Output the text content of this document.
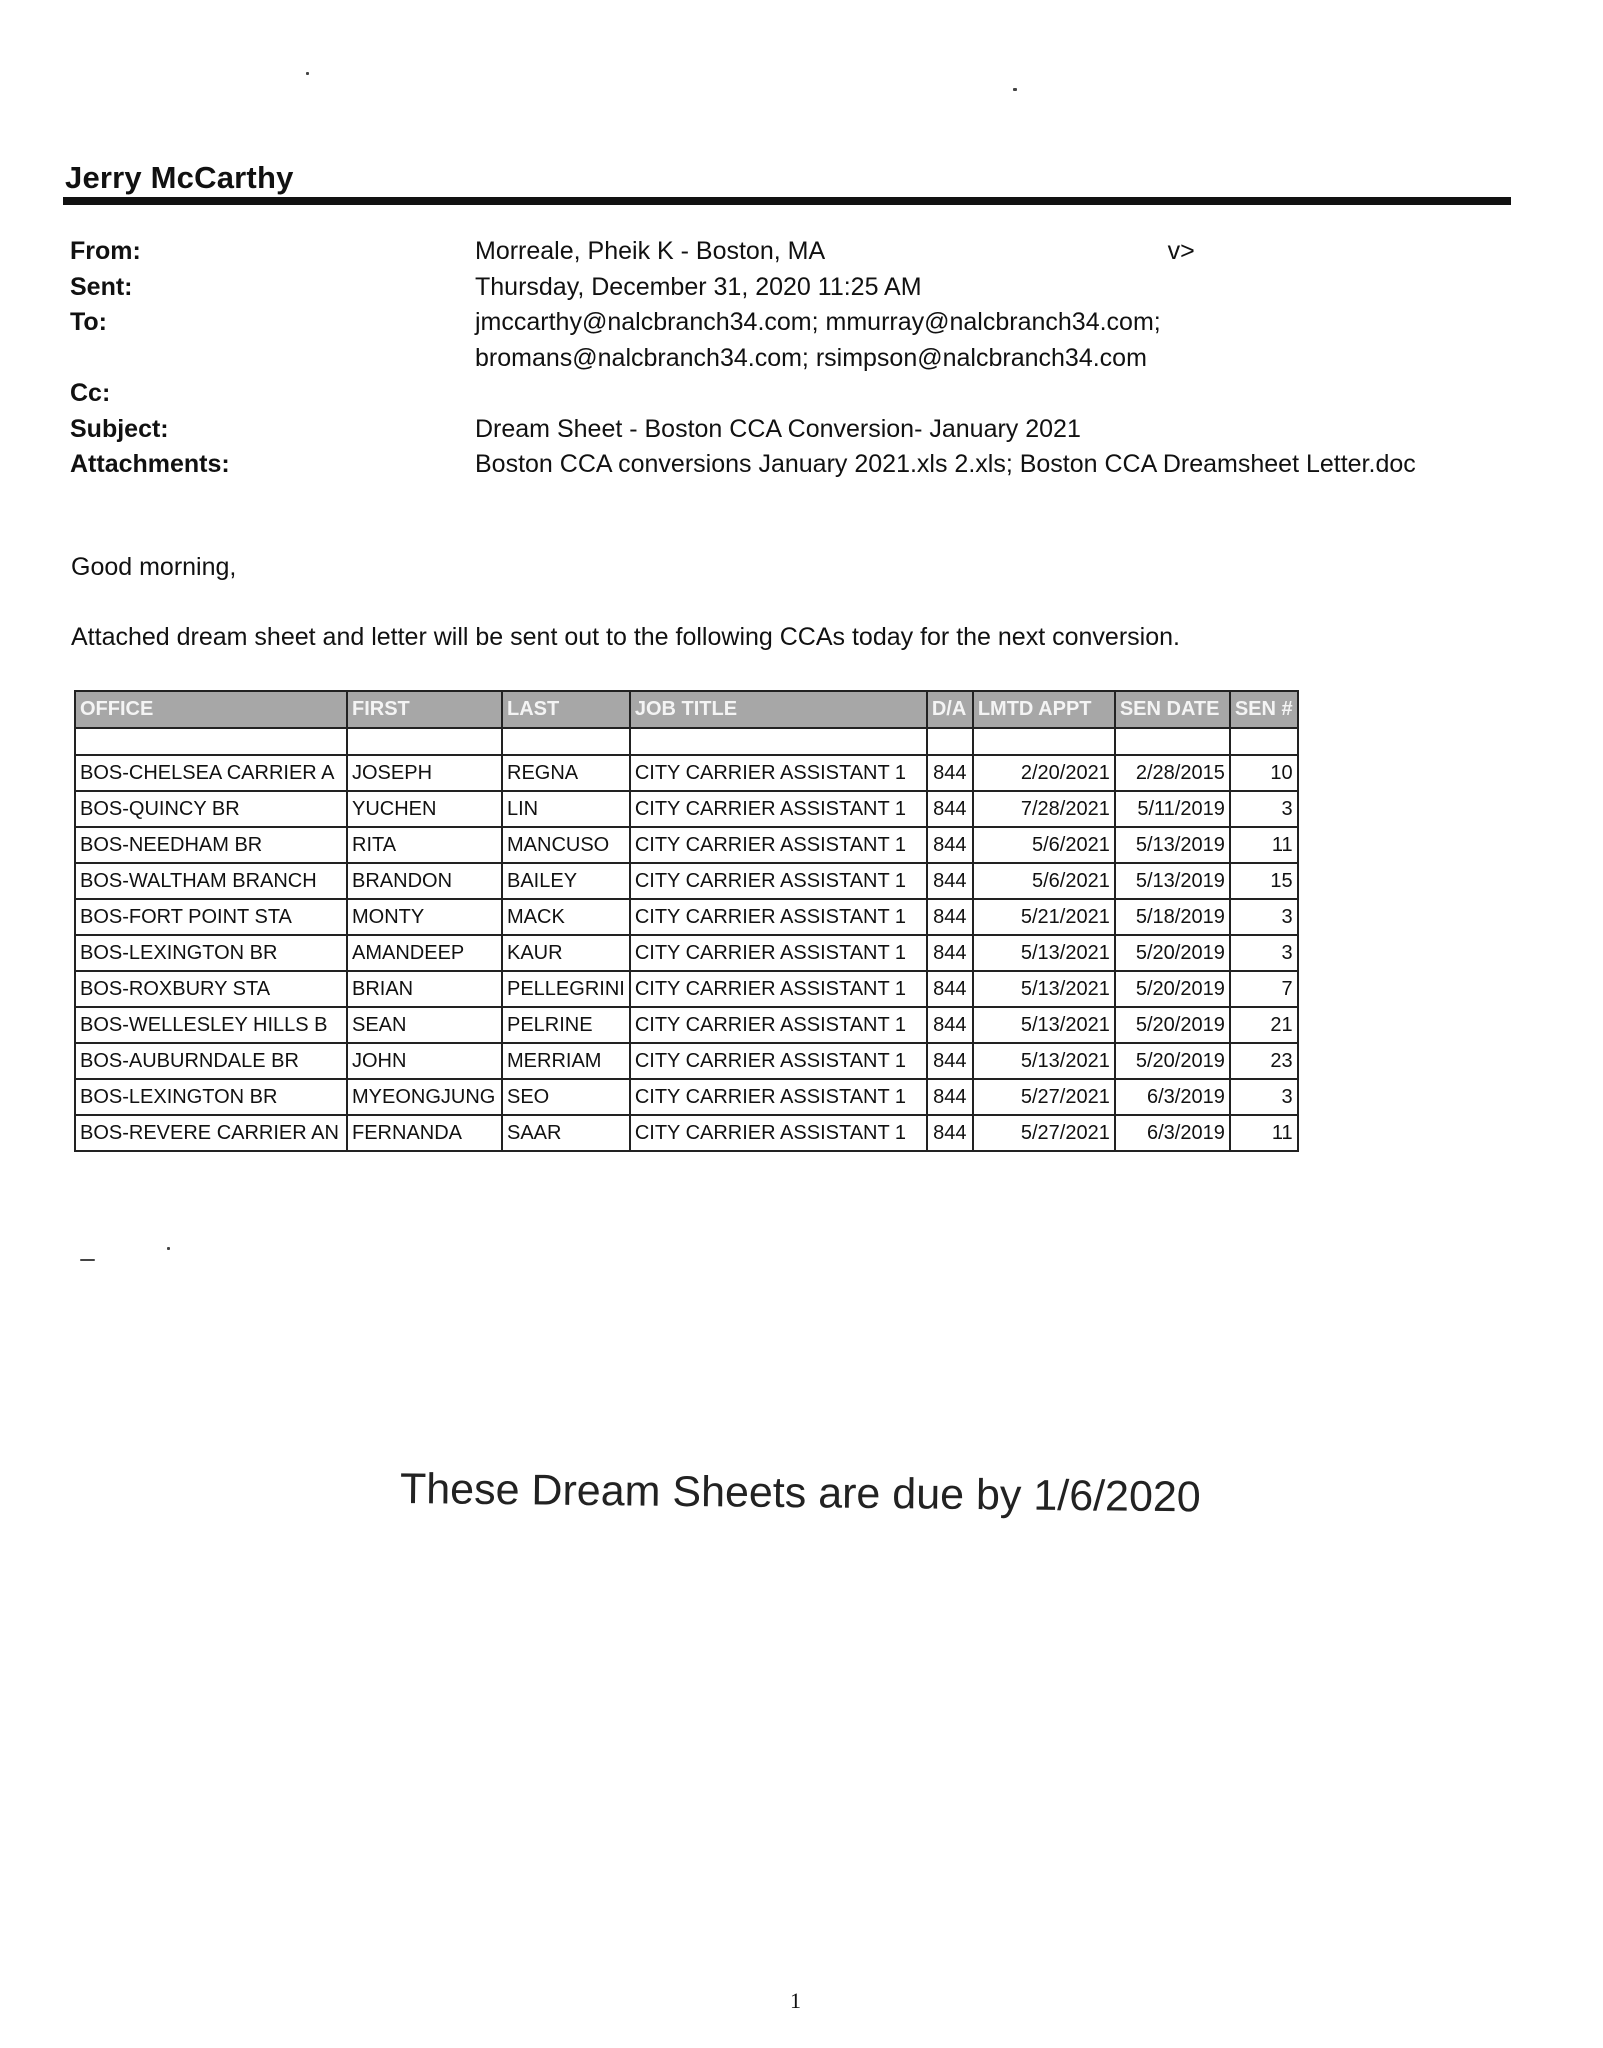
Jerry McCarthy
From:	Morreale, Pheik K - Boston, MA	v>
Sent:	Thursday, December 31, 2020 11:25 AM
To:	jmccarthy@nalcbranch34.com; mmurray@nalcbranch34.com;
bromans@nalcbranch34.com; rsimpson@nalcbranch34.com
Cc:
Subject:	Dream Sheet - Boston CCA Conversion- January 2021
Attachments:	Boston CCA conversions January 2021.xls 2.xls; Boston CCA Dreamsheet Letter.doc
Good morning,
Attached dream sheet and letter will be sent out to the following CCAs today for the next conversion.
OFFICE	FIRST	LAST	JOB TITLE	D/A	LMTD APPT	SEN DATE	SEN #

BOS-CHELSEA CARRIER A	JOSEPH	REGNA	CITY CARRIER ASSISTANT 1	844	2/20/2021	2/28/2015	10
BOS-QUINCY BR	YUCHEN	LIN	CITY CARRIER ASSISTANT 1	844	7/28/2021	5/11/2019	3
BOS-NEEDHAM BR	RITA	MANCUSO	CITY CARRIER ASSISTANT 1	844	5/6/2021	5/13/2019	11
BOS-WALTHAM BRANCH	BRANDON	BAILEY	CITY CARRIER ASSISTANT 1	844	5/6/2021	5/13/2019	15
BOS-FORT POINT STA	MONTY	MACK	CITY CARRIER ASSISTANT 1	844	5/21/2021	5/18/2019	3
BOS-LEXINGTON BR	AMANDEEP	KAUR	CITY CARRIER ASSISTANT 1	844	5/13/2021	5/20/2019	3
BOS-ROXBURY STA	BRIAN	PELLEGRINI	CITY CARRIER ASSISTANT 1	844	5/13/2021	5/20/2019	7
BOS-WELLESLEY HILLS B	SEAN	PELRINE	CITY CARRIER ASSISTANT 1	844	5/13/2021	5/20/2019	21
BOS-AUBURNDALE BR	JOHN	MERRIAM	CITY CARRIER ASSISTANT 1	844	5/13/2021	5/20/2019	23
BOS-LEXINGTON BR	MYEONGJUNG	SEO	CITY CARRIER ASSISTANT 1	844	5/27/2021	6/3/2019	3
BOS-REVERE CARRIER AN	FERNANDA	SAAR	CITY CARRIER ASSISTANT 1	844	5/27/2021	6/3/2019	11
These Dream Sheets are due by 1/6/2020
1
